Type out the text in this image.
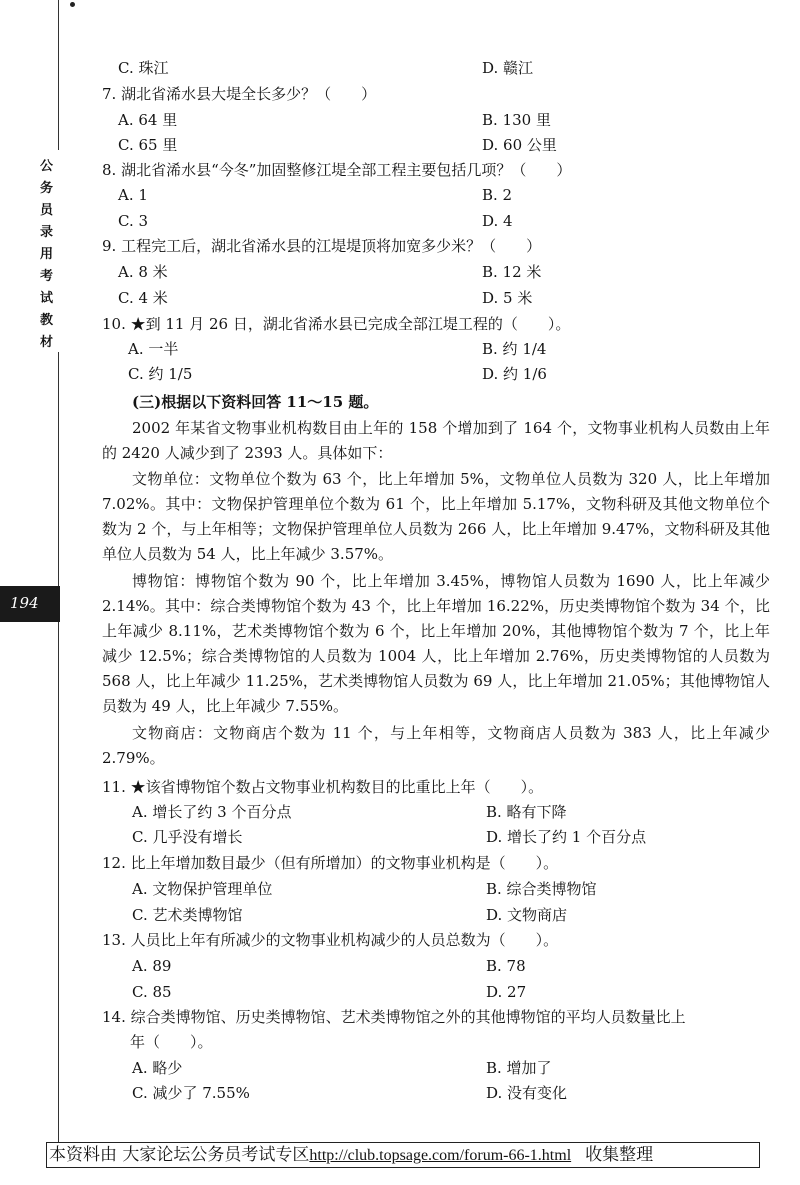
公
务
员
录
用
考
试
教
材
194
C. 珠江	D. 赣江
7. 湖北省浠水县大堤全长多少？（　　）
A. 64 里	B. 130 里
C. 65 里	D. 60 公里
8. 湖北省浠水县“今冬”加固整修江堤全部工程主要包括几项？（　　）
A. 1	B. 2
C. 3	D. 4
9. 工程完工后，湖北省浠水县的江堤堤顶将加宽多少米？（　　）
A. 8 米	B. 12 米
C. 4 米	D. 5 米
10. ★到 11 月 26 日，湖北省浠水县已完成全部江堤工程的（　　）。
A. 一半	B. 约 1/4
C. 约 1/5	D. 约 1/6
(三)根据以下资料回答 11～15 题。
2002 年某省文物事业机构数目由上年的 158 个增加到了 164 个，文物事业机构人员数由上年的 2420 人减少到了 2393 人。具体如下：
文物单位：文物单位个数为 63 个，比上年增加 5%，文物单位人员数为 320 人，比上年增加 7.02%。其中：文物保护管理单位个数为 61 个，比上年增加 5.17%，文物科研及其他文物单位个数为 2 个，与上年相等；文物保护管理单位人员数为 266 人，比上年增加 9.47%，文物科研及其他单位人员数为 54 人，比上年减少 3.57%。
博物馆：博物馆个数为 90 个，比上年增加 3.45%，博物馆人员数为 1690 人，比上年减少 2.14%。其中：综合类博物馆个数为 43 个，比上年增加 16.22%，历史类博物馆个数为 34 个，比上年减少 8.11%，艺术类博物馆个数为 6 个，比上年增加 20%，其他博物馆个数为 7 个，比上年减少 12.5%；综合类博物馆的人员数为 1004 人，比上年增加 2.76%，历史类博物馆的人员数为 568 人，比上年减少 11.25%，艺术类博物馆人员数为 69 人，比上年增加 21.05%；其他博物馆人员数为 49 人，比上年减少 7.55%。
文物商店：文物商店个数为 11 个，与上年相等，文物商店人员数为 383 人，比上年减少 2.79%。
11. ★该省博物馆个数占文物事业机构数目的比重比上年（　　）。
A. 增长了约 3 个百分点	B. 略有下降
C. 几乎没有增长	D. 增长了约 1 个百分点
12. 比上年增加数目最少（但有所增加）的文物事业机构是（　　）。
A. 文物保护管理单位	B. 综合类博物馆
C. 艺术类博物馆	D. 文物商店
13. 人员比上年有所减少的文物事业机构减少的人员总数为（　　）。
A. 89	B. 78
C. 85	D. 27
14. 综合类博物馆、历史类博物馆、艺术类博物馆之外的其他博物馆的平均人员数量比上
年（　　）。
A. 略少	B. 增加了
C. 减少了 7.55%	D. 没有变化
本资料由 大家论坛公务员考试专区http://club.topsage.com/forum-66-1.html 收集整理
